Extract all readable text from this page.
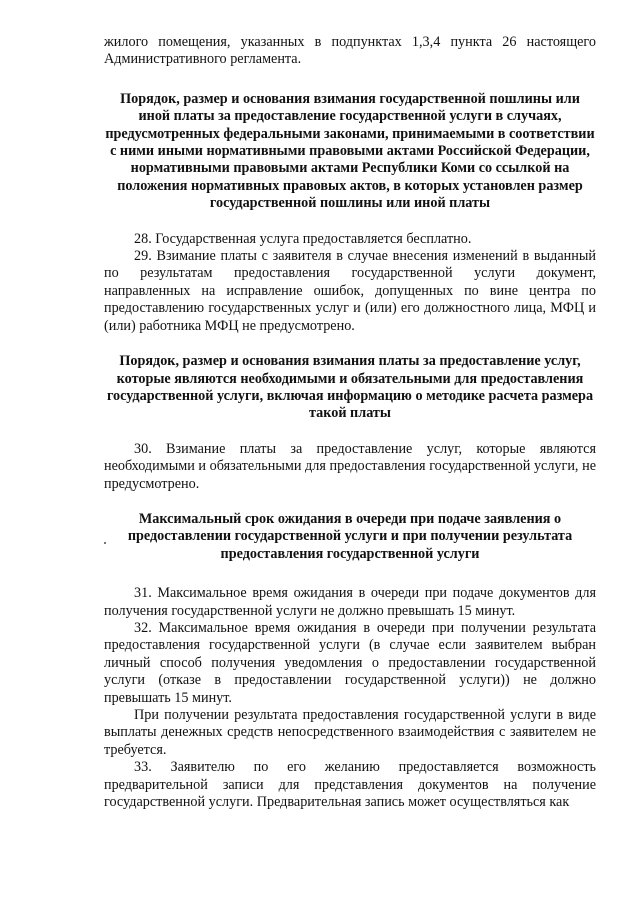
жилого помещения, указанных в подпунктах 1,3,4 пункта 26 настоящего Административного регламента.

Порядок, размер и основания взимания государственной пошлины или иной платы за предоставление государственной услуги в случаях, предусмотренных федеральными законами, принимаемыми в соответствии с ними иными нормативными правовыми актами Российской Федерации, нормативными правовыми актами Республики Коми со ссылкой на положения нормативных правовых актов, в которых установлен размер государственной пошлины или иной платы

28. Государственная услуга предоставляется бесплатно.

29. Взимание платы с заявителя в случае внесения изменений в выданный по результатам предоставления государственной услуги документ, направленных на исправление ошибок, допущенных по вине центра по предоставлению государственных услуг и (или) его должностного лица, МФЦ и (или) работника МФЦ не предусмотрено.

Порядок, размер и основания взимания платы за предоставление услуг, которые являются необходимыми и обязательными для предоставления государственной услуги, включая информацию о методике расчета размера такой платы

30. Взимание платы за предоставление услуг, которые являются необходимыми и обязательными для предоставления государственной услуги, не предусмотрено.

Максимальный срок ожидания в очереди при подаче заявления о предоставлении государственной услуги и при получении результата предоставления государственной услуги

31. Максимальное время ожидания в очереди при подаче документов для получения государственной услуги не должно превышать 15 минут.

32. Максимальное время ожидания в очереди при получении результата предоставления государственной услуги (в случае если заявителем выбран личный способ получения уведомления о предоставлении государственной услуги (отказе в предоставлении государственной услуги)) не должно превышать 15 минут.

При получении результата предоставления государственной услуги в виде выплаты денежных средств непосредственного взаимодействия с заявителем не требуется.

33. Заявителю по его желанию предоставляется возможность предварительной записи для представления документов на получение государственной услуги. Предварительная запись может осуществляться как
